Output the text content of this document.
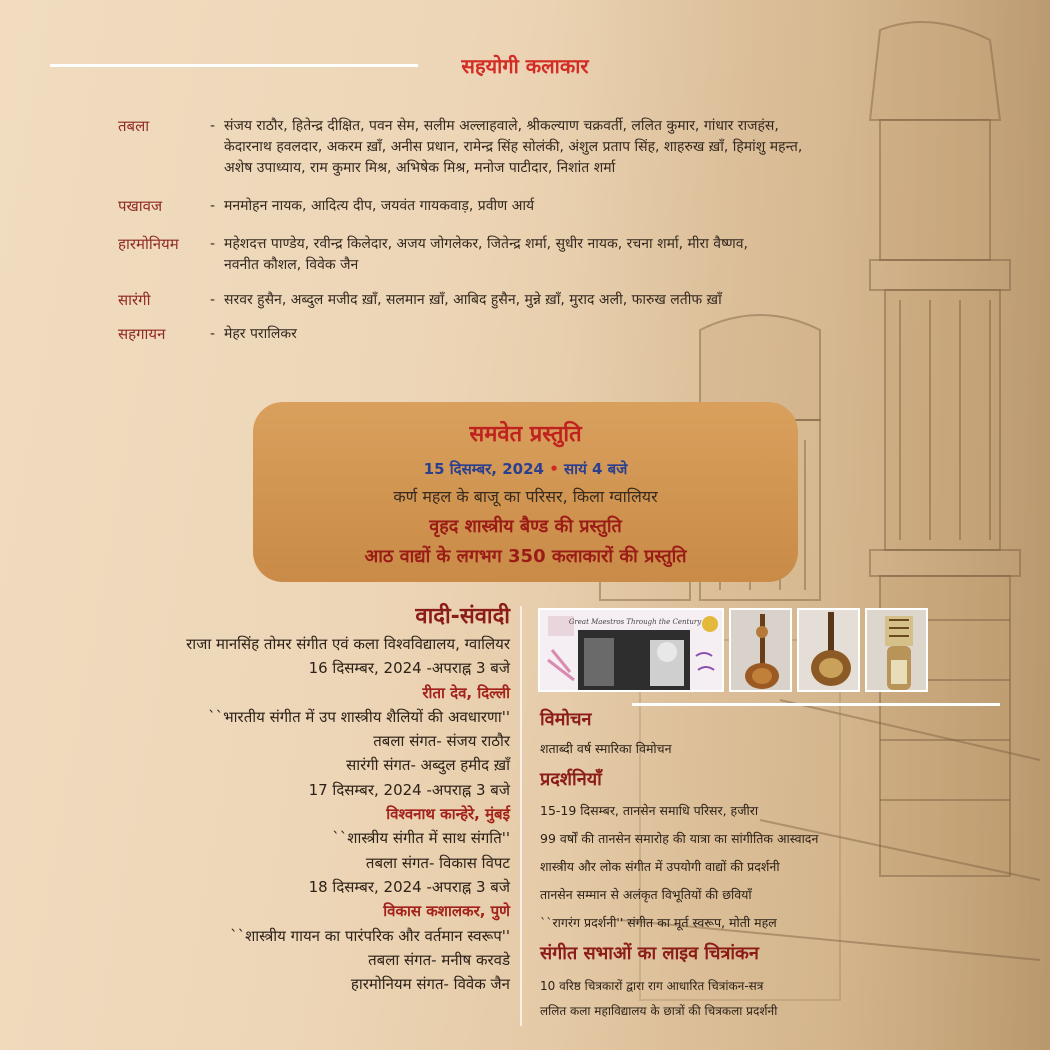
सहयोगी कलाकार
तबला	- संजय राठौर, हितेन्द्र दीक्षित, पवन सेम, सलीम अल्लाहवाले, श्रीकल्याण चक्रवर्ती, ललित कुमार, गांधार राजहंस,
केदारनाथ हवलदार, अकरम ख़ाँ, अनीस प्रधान, रामेन्द्र सिंह सोलंकी, अंशुल प्रताप सिंह, शाहरुख ख़ाँ, हिमांशु महन्त,
अशेष उपाध्याय, राम कुमार मिश्र, अभिषेक मिश्र, मनोज पाटीदार, निशांत शर्मा
पखावज	- मनमोहन नायक, आदित्य दीप, जयवंत गायकवाड़, प्रवीण आर्य
हारमोनियम	- महेशदत्त पाण्डेय, रवीन्द्र किलेदार, अजय जोगलेकर, जितेन्द्र शर्मा, सुधीर नायक, रचना शर्मा, मीरा वैष्णव,
नवनीत कौशल, विवेक जैन
सारंगी	- सरवर हुसैन, अब्दुल मजीद ख़ाँ, सलमान ख़ाँ, आबिद हुसैन, मुन्ने ख़ाँ, मुराद अली, फारुख लतीफ ख़ाँ
सहगायन	- मेहर परालिकर
समवेत प्रस्तुति
15 दिसम्बर, 2024 • सायं 4 बजे
कर्ण महल के बाजू का परिसर, किला ग्वालियर
वृहद शास्त्रीय बैण्ड की प्रस्तुति
आठ वाद्यों के लगभग 350 कलाकारों की प्रस्तुति
वादी-संवादी
राजा मानसिंह तोमर संगीत एवं कला विश्वविद्यालय, ग्वालियर
16 दिसम्बर, 2024 -अपराह्न 3 बजे
रीता देव, दिल्ली
``भारतीय संगीत में उप शास्त्रीय शैलियों की अवधारणा''
तबला संगत- संजय राठौर
सारंगी संगत- अब्दुल हमीद ख़ाँ
17 दिसम्बर, 2024 -अपराह्न 3 बजे
विश्वनाथ कान्हेरे, मुंबई
``शास्त्रीय संगीत में साथ संगति''
तबला संगत- विकास विपट
18 दिसम्बर, 2024 -अपराह्न 3 बजे
विकास कशालकर, पुणे
``शास्त्रीय गायन का पारंपरिक और वर्तमान स्वरूप''
तबला संगत- मनीष करवडे
हारमोनियम संगत- विवेक जैन
Great Maestros Through the Century
विमोचन
शताब्दी वर्ष स्मारिका विमोचन
प्रदर्शनियाँ
15-19 दिसम्बर, तानसेन समाधि परिसर, हजीरा
99 वर्षों की तानसेन समारोह की यात्रा का सांगीतिक आस्वादन
शास्त्रीय और लोक संगीत में उपयोगी वाद्यों की प्रदर्शनी
तानसेन सम्मान से अलंकृत विभूतियों की छवियाँ
``रागरंग प्रदर्शनी'' संगीत का मूर्त स्वरूप, मोती महल
संगीत सभाओं का लाइव चित्रांकन
10 वरिष्ठ चित्रकारों द्वारा राग आधारित चित्रांकन-सत्र
ललित कला महाविद्यालय के छात्रों की चित्रकला प्रदर्शनी
